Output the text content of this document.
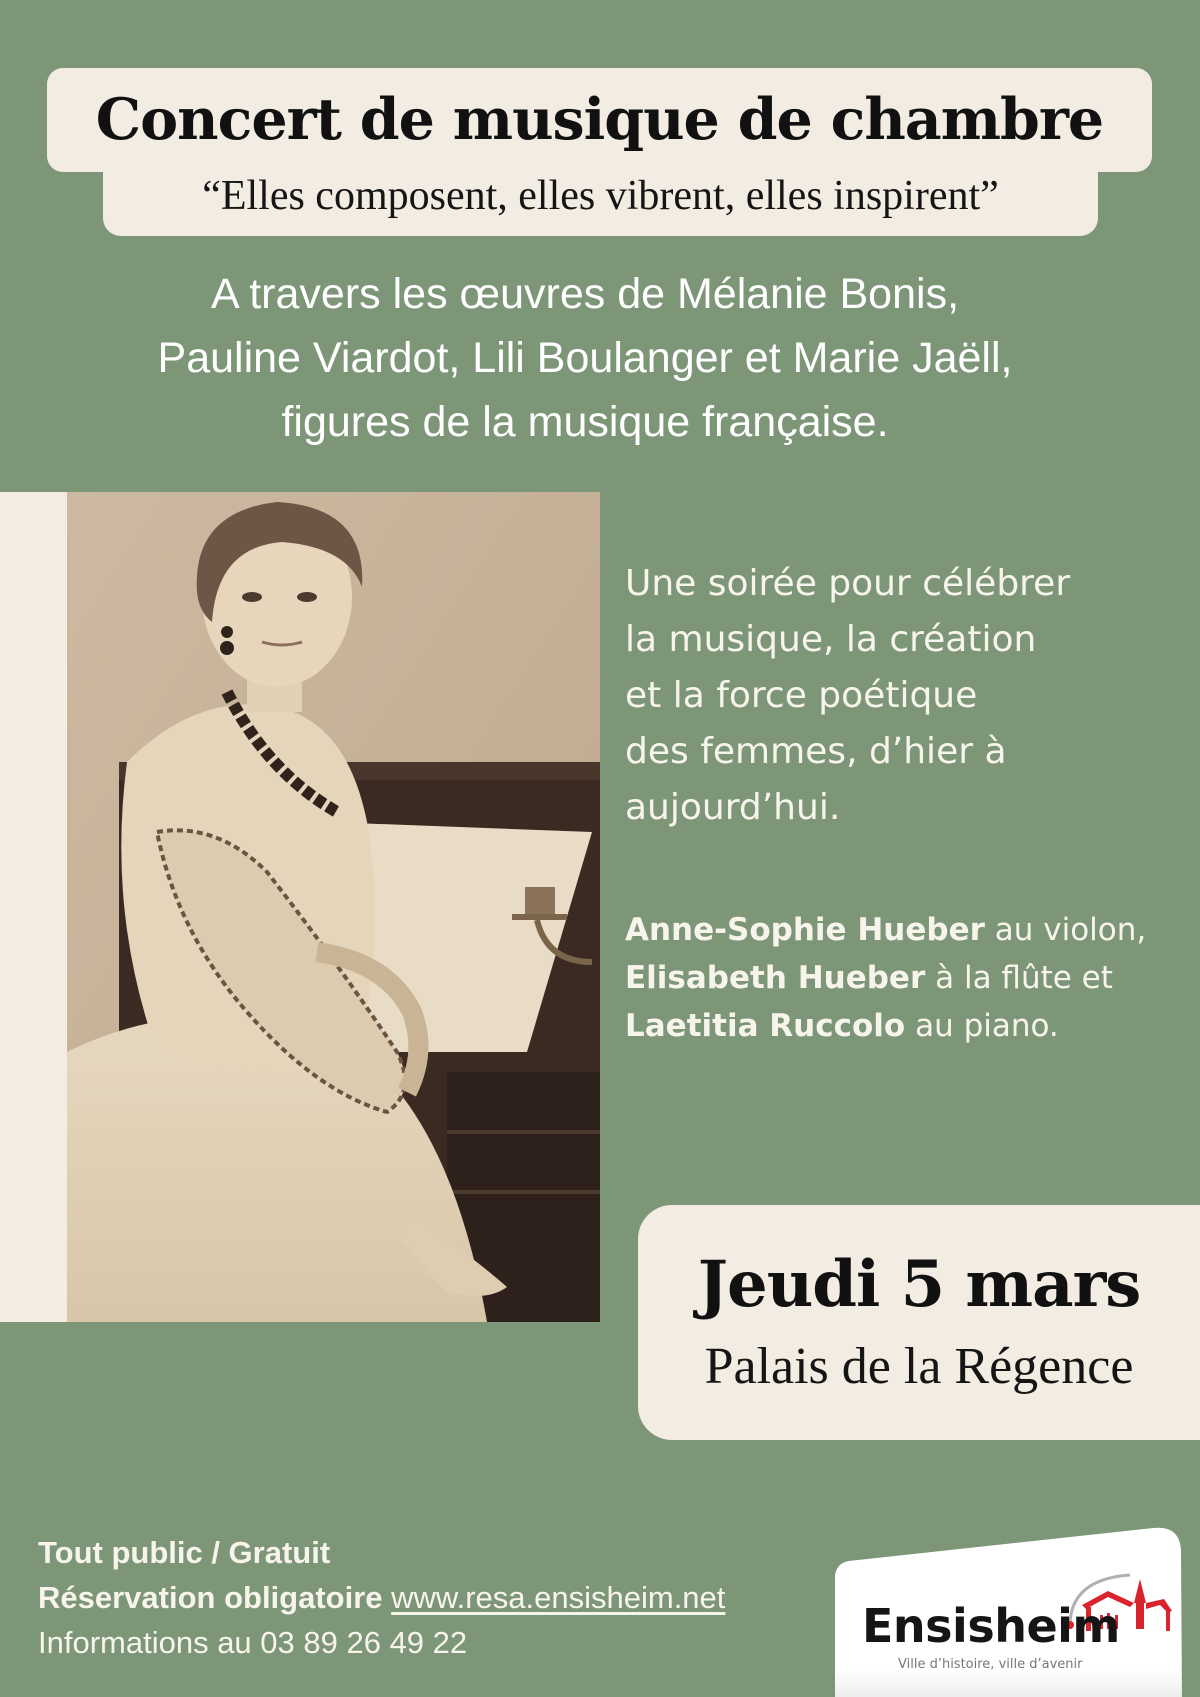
Concert de musique de chambre
“Elles composent, elles vibrent, elles inspirent”
A travers les œuvres de Mélanie Bonis,
Pauline Viardot, Lili Boulanger et Marie Jaëll,
figures de la musique française.
Une soirée pour célébrer
la musique, la création
et la force poétique
des femmes, d’hier à
aujourd’hui.
Anne-Sophie Hueber au violon,
Elisabeth Hueber à la flûte et
Laetitia Ruccolo au piano.
Jeudi 5 mars
Palais de la Régence
Tout public / Gratuit
Réservation obligatoire www.resa.ensisheim.net
Informations au 03 89 26 49 22	Ensisheim
Ville d’histoire, ville d’avenir
